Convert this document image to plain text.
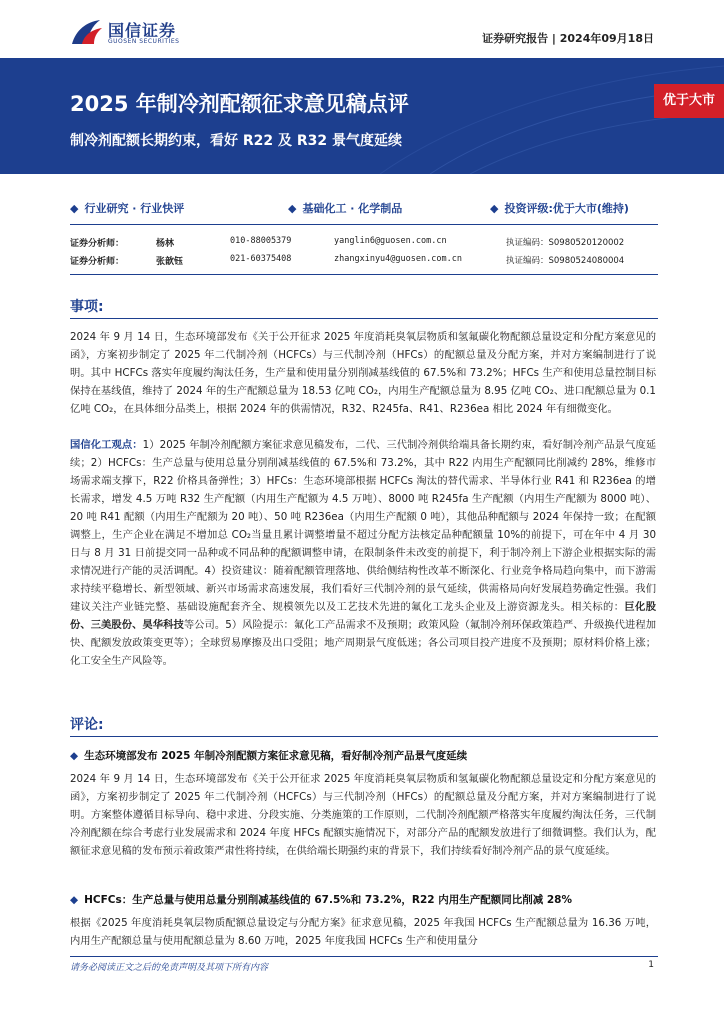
国信证券
GUOSEN SECURITIES	证券研究报告 | 2024年09月18日
2025 年制冷剂配额征求意见稿点评
制冷剂配额长期约束，看好 R22 及 R32 景气度延续
优于大市
◆ 行业研究 · 行业快评	◆ 基础化工 · 化学制品	◆ 投资评级:优于大市(维持)
证券分析师：	杨林	010-88005379	yanglin6@guosen.com.cn	执证编码：S0980520120002
证券分析师：	张歆钰	021-60375408	zhangxinyu4@guosen.com.cn	执证编码：S0980524080004
事项:

2024 年 9 月 14 日，生态环境部发布《关于公开征求 2025 年度消耗臭氧层物质和氢氟碳化物配额总量设定和分配方案意见的函》，方案初步制定了 2025 年二代制冷剂（HCFCs）与三代制冷剂（HFCs）的配额总量及分配方案，并对方案编制进行了说明。其中 HCFCs 落实年度履约淘汰任务，生产量和使用量分别削减基线值的 67.5%和 73.2%；HFCs 生产和使用总量控制目标保持在基线值，维持了 2024 年的生产配额总量为 18.53 亿吨 CO₂，内用生产配额总量为 8.95 亿吨 CO₂、进口配额总量为 0.1 亿吨 CO₂，在具体细分品类上，根据 2024 年的供需情况，R32、R245fa、R41、R236ea 相比 2024 年有细微变化。

国信化工观点：1）2025 年制冷剂配额方案征求意见稿发布，二代、三代制冷剂供给端具备长期约束，看好制冷剂产品景气度延续；2）HCFCs：生产总量与使用总量分别削减基线值的 67.5%和 73.2%，其中 R22 内用生产配额同比削减约 28%，维修市场需求端支撑下，R22 价格具备弹性；3）HFCs：生态环境部根据 HCFCs 淘汰的替代需求、半导体行业 R41 和 R236ea 的增长需求，增发 4.5 万吨 R32 生产配额（内用生产配额为 4.5 万吨）、8000 吨 R245fa 生产配额（内用生产配额为 8000 吨）、20 吨 R41 配额（内用生产配额为 20 吨）、50 吨 R236ea（内用生产配额 0 吨），其他品种配额与 2024 年保持一致；在配额调整上，生产企业在满足不增加总 CO₂当量且累计调整增量不超过分配方法核定品种配额量 10%的前提下，可在年中 4 月 30 日与 8 月 31 日前提交同一品种或不同品种的配额调整申请，在限制条件未改变的前提下，利于制冷剂上下游企业根据实际的需求情况进行产能的灵活调配。4）投资建议：随着配额管理落地、供给侧结构性改革不断深化、行业竞争格局趋向集中，而下游需求持续平稳增长、新型领域、新兴市场需求高速发展，我们看好三代制冷剂的景气延续，供需格局向好发展趋势确定性强。我们建议关注产业链完整、基础设施配套齐全、规模领先以及工艺技术先进的氟化工龙头企业及上游资源龙头。相关标的：巨化股份、三美股份、昊华科技等公司。5）风险提示：氟化工产品需求不及预期；政策风险（氟制冷剂环保政策趋严、升级换代进程加快、配额发放政策变更等）；全球贸易摩擦及出口受阻；地产周期景气度低迷；各公司项目投产进度不及预期；原材料价格上涨；化工安全生产风险等。

评论:
◆ 生态环境部发布 2025 年制冷剂配额方案征求意见稿，看好制冷剂产品景气度延续

2024 年 9 月 14 日，生态环境部发布《关于公开征求 2025 年度消耗臭氧层物质和氢氟碳化物配额总量设定和分配方案意见的函》，方案初步制定了 2025 年二代制冷剂（HCFCs）与三代制冷剂（HFCs）的配额总量及分配方案，并对方案编制进行了说明。方案整体遵循目标导向、稳中求进、分段实施、分类施策的工作原则，二代制冷剂配额严格落实年度履约淘汰任务，三代制冷剂配额在综合考虑行业发展需求和 2024 年度 HFCs 配额实施情况下，对部分产品的配额发放进行了细微调整。我们认为，配额征求意见稿的发布预示着政策严肃性将持续，在供给端长期强约束的背景下，我们持续看好制冷剂产品的景气度延续。

◆ HCFCs：生产总量与使用总量分别削减基线值的 67.5%和 73.2%，R22 内用生产配额同比削减 28%

根据《2025 年度消耗臭氧层物质配额总量设定与分配方案》征求意见稿，2025 年我国 HCFCs 生产配额总量为 16.36 万吨，内用生产配额总量与使用配额总量为 8.60 万吨，2025 年度我国 HCFCs 生产和使用量分

请务必阅读正文之后的免责声明及其项下所有内容	1
